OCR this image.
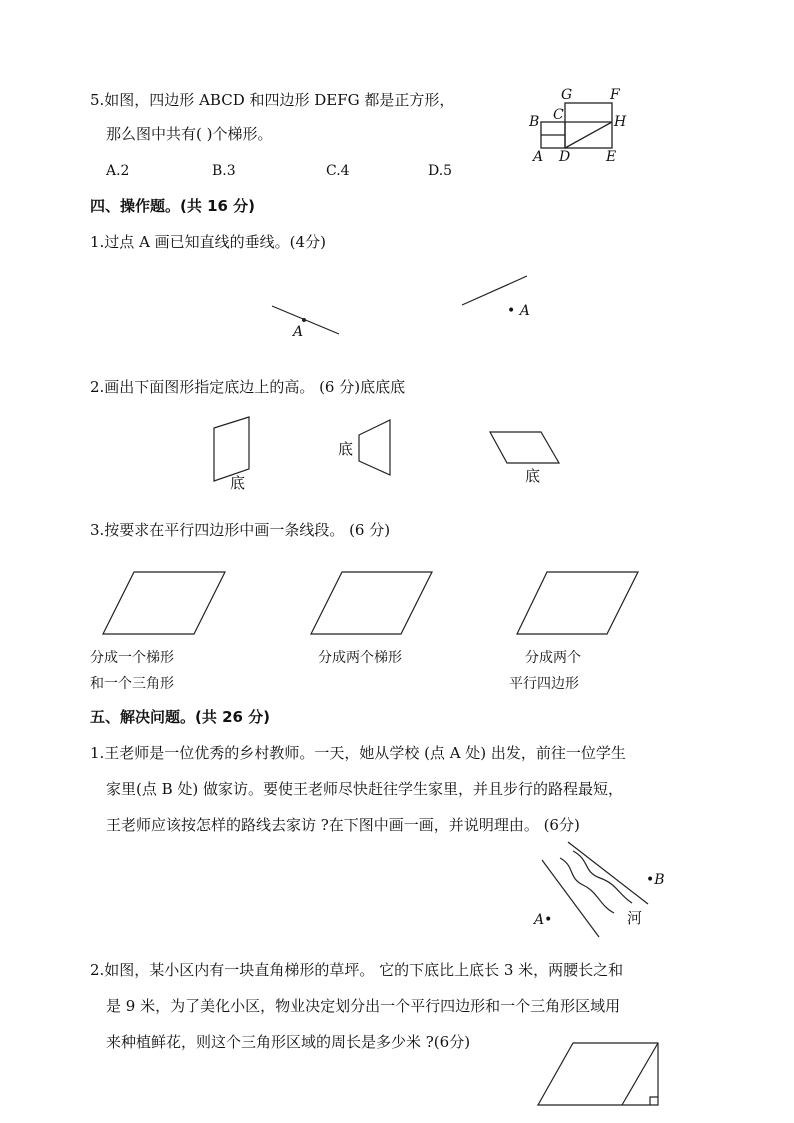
5.如图，四边形 ABCD 和四边形 DEFG 都是正方形，
那么图中共有( )个梯形。
A.2	B.3	C.4	D.5
G	F
B C	H
A D	E
四、操作题。(共 16 分)
1.过点 A 画已知直线的垂线。(4分)
A
• A
2.画出下面图形指定底边上的高。 (6 分)底底底
底
底
底
3.按要求在平行四边形中画一条线段。 (6 分)
分成一个梯形
和一个三角形
分成两个梯形	分成两个
平行四边形
五、解决问题。(共 26 分)
1.王老师是一位优秀的乡村教师。一天，她从学校 (点 A 处) 出发，前往一位学生
家里(点 B 处) 做家访。要使王老师尽快赶往学生家里，并且步行的路程最短，
王老师应该按怎样的路线去家访 ?在下图中画一画，并说明理由。 (6分)
•B
A•	河
2.如图，某小区内有一块直角梯形的草坪。 它的下底比上底长 3 米，两腰长之和
是 9 米，为了美化小区，物业决定划分出一个平行四边形和一个三角形区域用
来种植鲜花，则这个三角形区域的周长是多少米 ?(6分)
